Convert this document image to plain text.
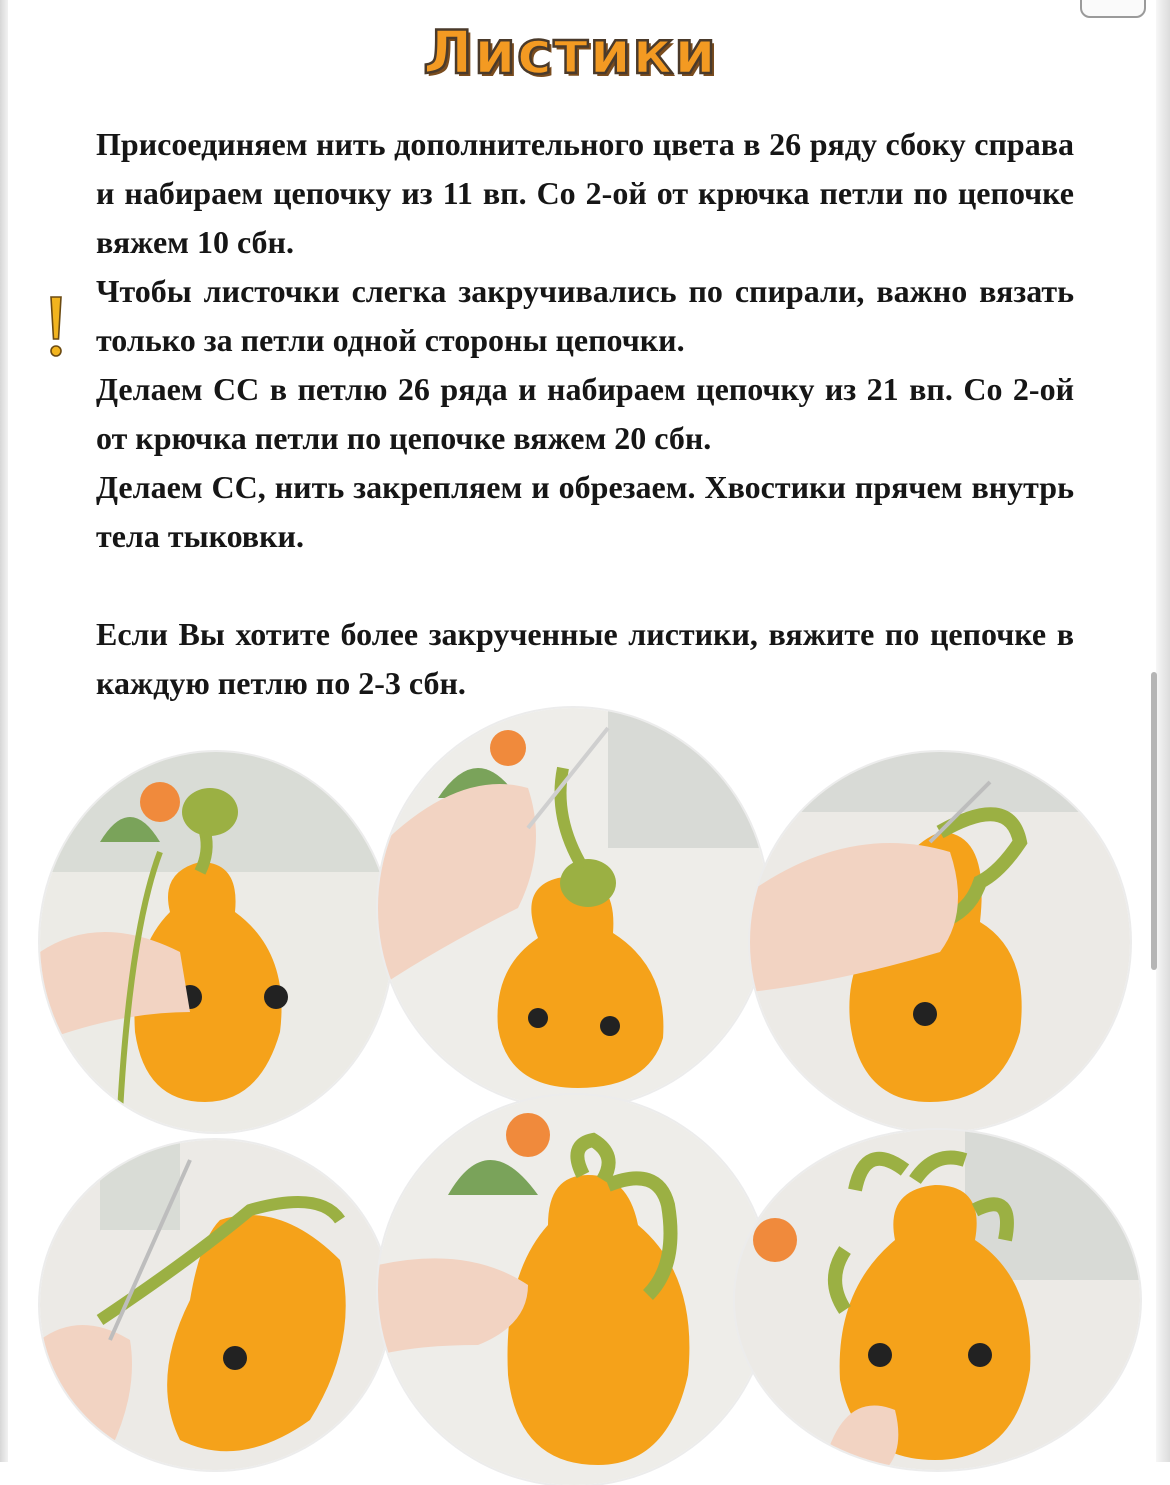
Листики

Присоединяем нить дополнительного цвета в 26 ряду сбоку справа и набираем цепочку из 11 вп. Со 2-ой от крючка петли по цепочке вяжем 10 сбн.

Чтобы листочки слегка закручивались по спирали, важно вязать только за петли одной стороны цепочки.

Делаем СС в петлю 26 ряда и набираем цепочку из 21 вп. Со 2-ой от крючка петли по цепочке вяжем 20 сбн.

Делаем СС, нить закрепляем и обрезаем. Хвостики прячем внутрь тела тыковки.

Если Вы хотите более закрученные листики, вяжите по цепочке в каждую петлю по 2-3 сбн.
